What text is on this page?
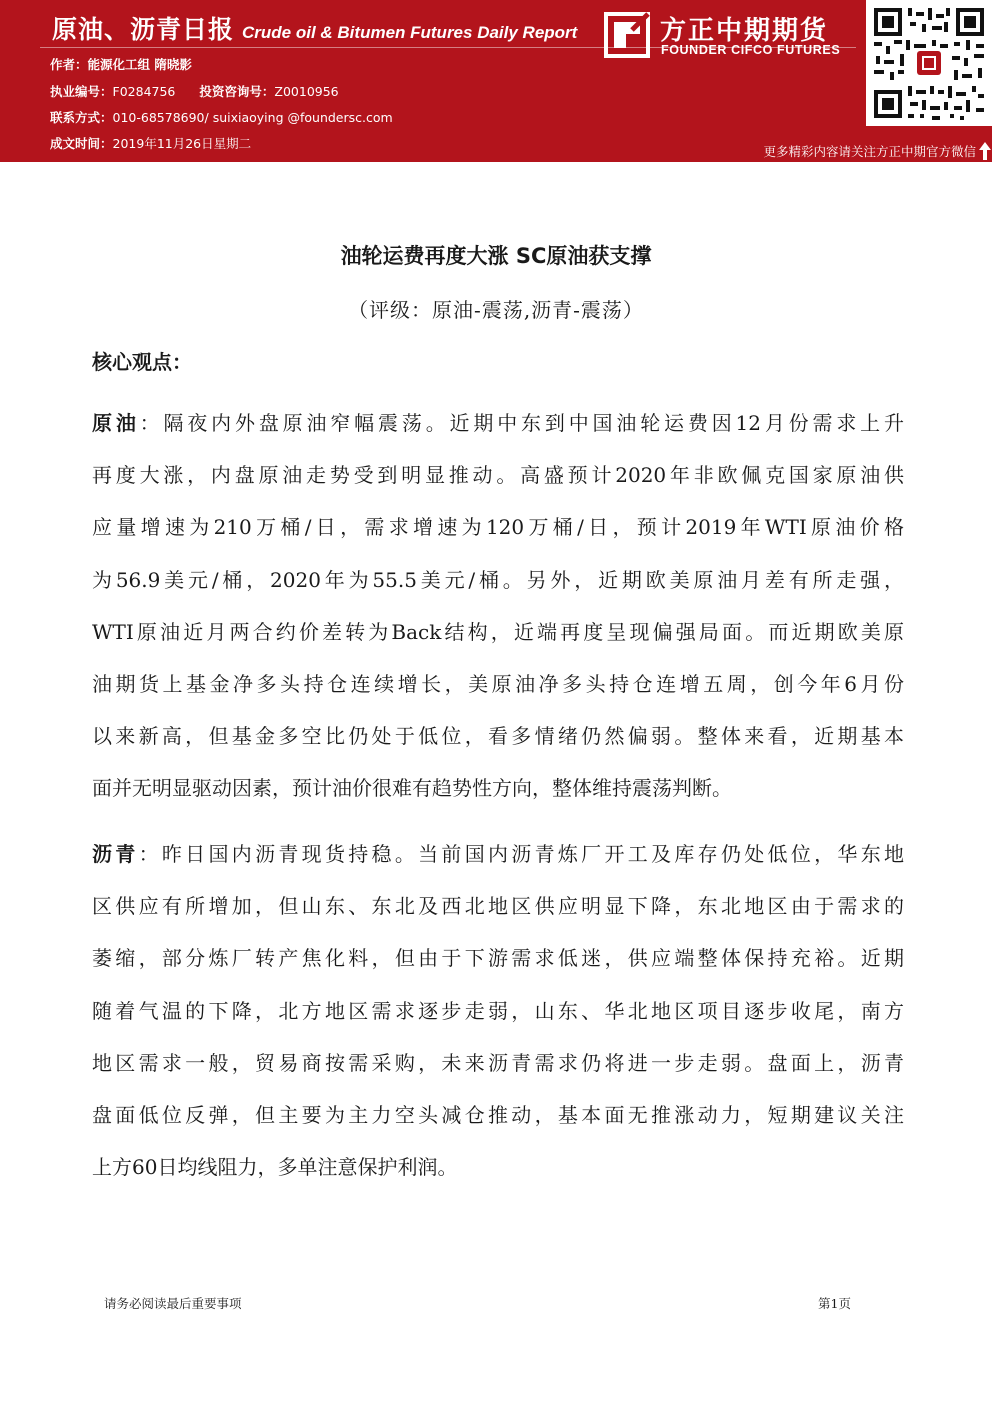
原油、沥青日报 Crude oil & Bitumen Futures Daily Report
作者：能源化工组 隋晓影
执业编号：F0284756 投资咨询号：Z0010956
联系方式：010-68578690/ suixiaoying @foundersc.com
成文时间：2019年11月26日星期二
方正中期期货
FOUNDER CIFCO FUTURES
更多精彩内容请关注方正中期官方微信
油轮运费再度大涨 SC原油获支撑
（评级：原油-震荡,沥青-震荡）
核心观点：
原油：隔夜内外盘原油窄幅震荡。近期中东到中国油轮运费因12月份需求上升
再度大涨，内盘原油走势受到明显推动。高盛预计2020年非欧佩克国家原油供
应量增速为210万桶/日，需求增速为120万桶/日，预计2019年WTI原油价格
为56.9美元/桶，2020年为55.5美元/桶。另外，近期欧美原油月差有所走强，
WTI原油近月两合约价差转为Back结构，近端再度呈现偏强局面。而近期欧美原
油期货上基金净多头持仓连续增长，美原油净多头持仓连增五周，创今年6月份
以来新高，但基金多空比仍处于低位，看多情绪仍然偏弱。整体来看，近期基本
面并无明显驱动因素，预计油价很难有趋势性方向，整体维持震荡判断。
沥青：昨日国内沥青现货持稳。当前国内沥青炼厂开工及库存仍处低位，华东地
区供应有所增加，但山东、东北及西北地区供应明显下降，东北地区由于需求的
萎缩，部分炼厂转产焦化料，但由于下游需求低迷，供应端整体保持充裕。近期
随着气温的下降，北方地区需求逐步走弱，山东、华北地区项目逐步收尾，南方
地区需求一般，贸易商按需采购，未来沥青需求仍将进一步走弱。盘面上，沥青
盘面低位反弹，但主要为主力空头减仓推动，基本面无推涨动力，短期建议关注
上方60日均线阻力，多单注意保护利润。
请务必阅读最后重要事项	第1页
